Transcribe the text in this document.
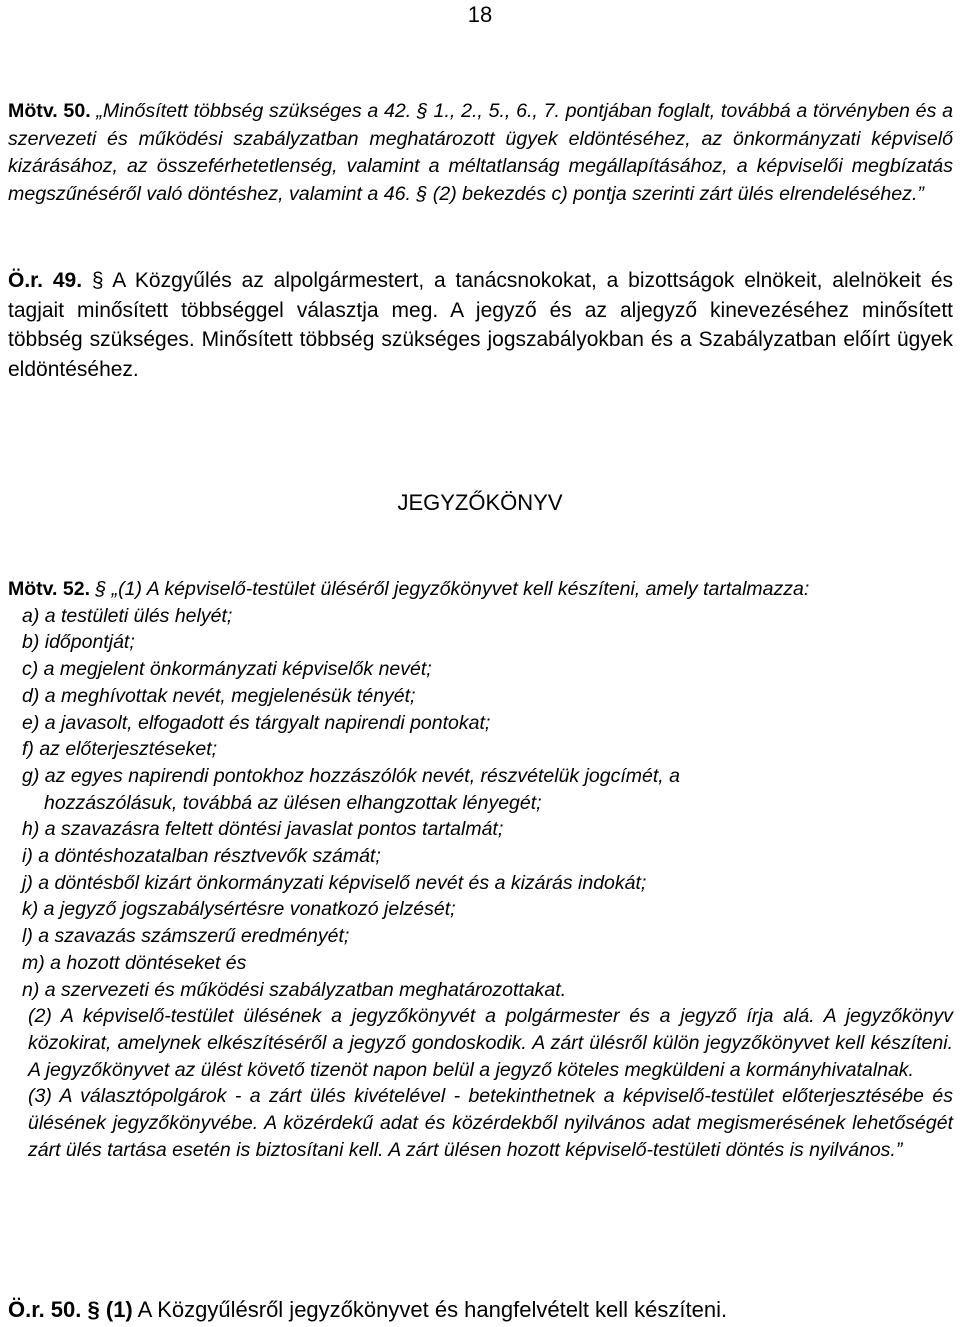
18
Mötv. 50. „Minősített többség szükséges a 42. § 1., 2., 5., 6., 7. pontjában foglalt, továbbá a törvényben és a szervezeti és működési szabályzatban meghatározott ügyek eldöntéséhez, az önkormányzati képviselő kizárásához, az összeférhetetlenség, valamint a méltatlanság megállapításához, a képviselői megbízatás megszűnéséről való döntéshez, valamint a 46. § (2) bekezdés c) pontja szerinti zárt ülés elrendeléséhez.”
Ö.r. 49. § A Közgyűlés az alpolgármestert, a tanácsnokokat, a bizottságok elnökeit, alelnökeit és tagjait minősített többséggel választja meg. A jegyző és az aljegyző kinevezéséhez minősített többség szükséges. Minősített többség szükséges jogszabályokban és a Szabályzatban előírt ügyek eldöntéséhez.
JEGYZŐKÖNYV
Mötv. 52. § „(1) A képviselő-testület üléséről jegyzőkönyvet kell készíteni, amely tartalmazza:
a) a testületi ülés helyét;
b) időpontját;
c) a megjelent önkormányzati képviselők nevét;
d) a meghívottak nevét, megjelenésük tényét;
e) a javasolt, elfogadott és tárgyalt napirendi pontokat;
f) az előterjesztéseket;
g) az egyes napirendi pontokhoz hozzászólók nevét, részvételük jogcímét, a
hozzászólásuk, továbbá az ülésen elhangzottak lényegét;
h) a szavazásra feltett döntési javaslat pontos tartalmát;
i) a döntéshozatalban résztvevők számát;
j) a döntésből kizárt önkormányzati képviselő nevét és a kizárás indokát;
k) a jegyző jogszabálysértésre vonatkozó jelzését;
l) a szavazás számszerű eredményét;
m) a hozott döntéseket és
n) a szervezeti és működési szabályzatban meghatározottakat.
(2) A képviselő-testület ülésének a jegyzőkönyvét a polgármester és a jegyző írja alá. A jegyzőkönyv közokirat, amelynek elkészítéséről a jegyző gondoskodik. A zárt ülésről külön jegyzőkönyvet kell készíteni. A jegyzőkönyvet az ülést követő tizenöt napon belül a jegyző köteles megküldeni a kormányhivatalnak.
(3) A választópolgárok - a zárt ülés kivételével - betekinthetnek a képviselő-testület előterjesztésébe és ülésének jegyzőkönyvébe. A közérdekű adat és közérdekből nyilvános adat megismerésének lehetőségét zárt ülés tartása esetén is biztosítani kell. A zárt ülésen hozott képviselő-testületi döntés is nyilvános.”
Ö.r. 50. § (1) A Közgyűlésről jegyzőkönyvet és hangfelvételt kell készíteni.
